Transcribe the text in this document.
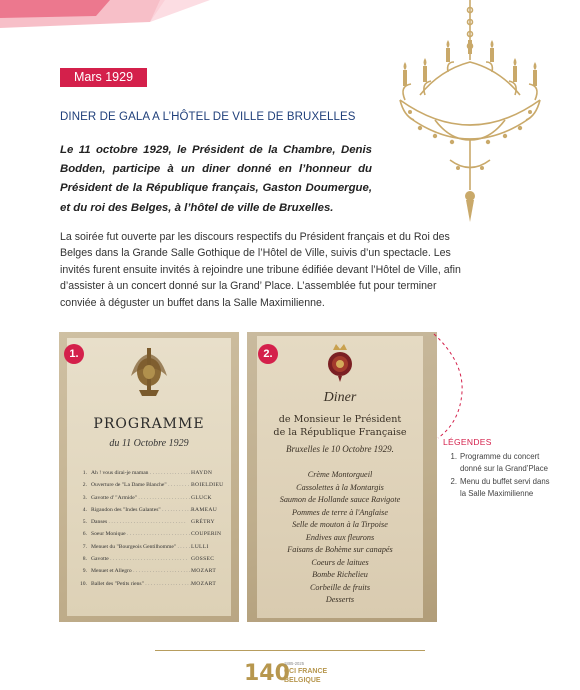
Mars 1929
DINER DE GALA A L’HÔTEL DE VILLE DE BRUXELLES

Le 11 octobre 1929, le Président de la Chambre, Denis Bodden, participe à un diner donné en l’honneur du Président de la République français, Gaston Doumergue, et du roi des Belges, à l’hôtel de ville de Bruxelles.

La soirée fut ouverte par les discours respectifs du Président français et du Roi des Belges dans la Grande Salle Gothique de l’Hôtel de Ville, suivis d’un spectacle. Les invités furent ensuite invités à rejoindre une tribune édifiée devant l’Hôtel de Ville, afin d’assister à un concert donné sur la Grand’ Place. L’assemblée fut pour terminer conviée à déguster un buffet dans la Salle Maximilienne.

PROGRAMME
du 11 Octobre 1929
1. Ah ! vous dirai-je maman . . .	HAYDN
2. Ouverture de "La Dame Blanche" . . .	BOIELDIEU
3. Gavotte d' "Armide" . . .	GLUCK
4. Rigaudon des "Indes Galantes" . . .	RAMEAU
5. Danses . . .	GRÉTRY
6. Soeur Monique . . .	COUPERIN
7. Menuet du "Bourgeois Gentilhomme" . . .	LULLI
8. Gavotte . . .	GOSSEC
9. Menuet et Allegro . . .	MOZART
10. Ballet des "Petits riens" . . .	MOZART
1.
Diner
de Monsieur le Président
de la République Française
Bruxelles le 10 Octobre 1929.
Crème Montorgueil
Cassolettes à la Montargis
Saumon de Hollande sauce Ravigote
Pommes de terre à l'Anglaise
Selle de mouton à la Tirpoise
Endives aux fleurons
Faisans de Bohème sur canapés
Coeurs de laitues
Bombe Richelieu
Corbeille de fruits
Desserts
2.
LÉGENDES
1. Programme du concert donné sur la Grand’Place
2. Menu du buffet servi dans la Salle Maximilienne
140
1885-2025
CCI FRANCE
BELGIQUE
